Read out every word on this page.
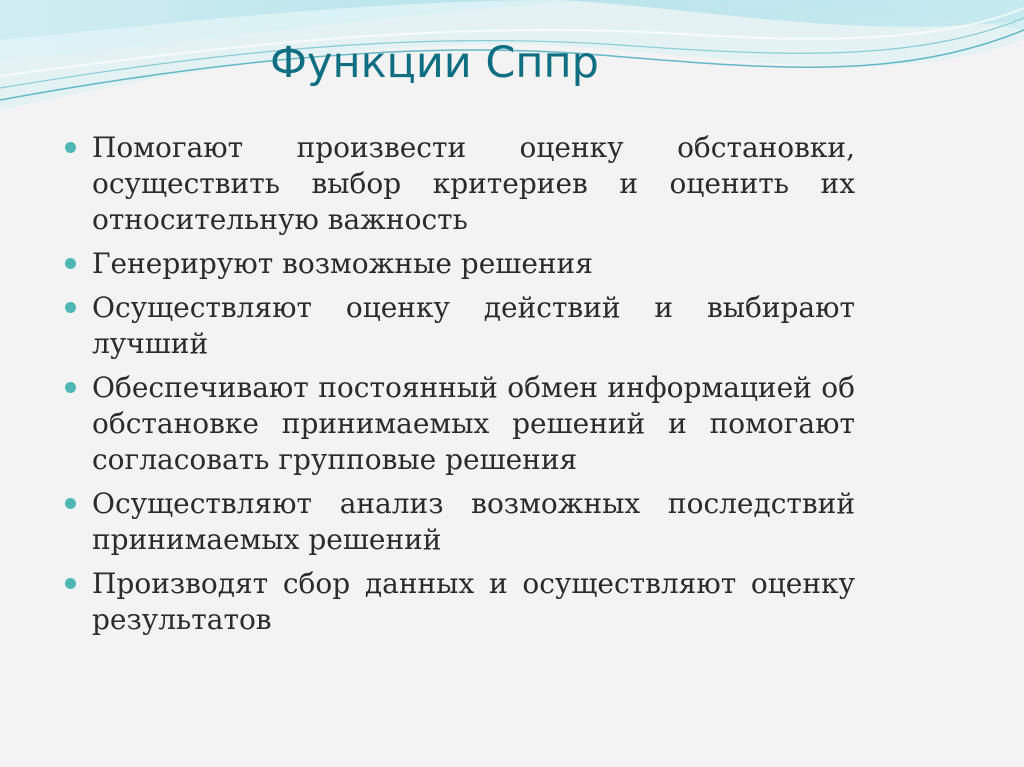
Функции Сппр
Помогают произвести оценку обстановки, осуществить выбор критериев и оценить их относительную важность
Генерируют возможные решения
Осуществляют оценку действий и выбирают лучший
Обеспечивают постоянный обмен информацией об обстановке принимаемых решений и помогают согласовать групповые решения
Осуществляют анализ возможных последствий принимаемых решений
Производят сбор данных и осуществляют оценку результатов
